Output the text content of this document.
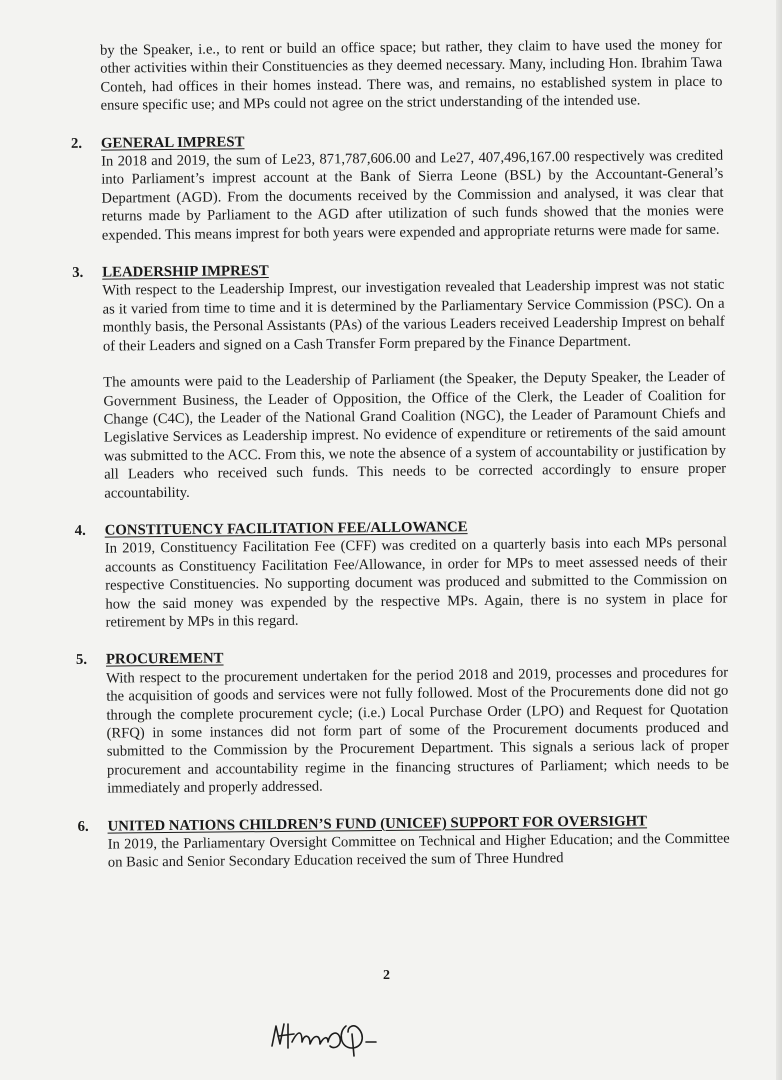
by the Speaker, i.e., to rent or build an office space; but rather, they claim to have used the money for other activities within their Constituencies as they deemed necessary. Many, including Hon. Ibrahim Tawa Conteh, had offices in their homes instead. There was, and remains, no established system in place to ensure specific use; and MPs could not agree on the strict understanding of the intended use.

2.	GENERAL IMPREST

In 2018 and 2019, the sum of Le23, 871,787,606.00 and Le27, 407,496,167.00 respectively was credited into Parliament’s imprest account at the Bank of Sierra Leone (BSL) by the Accountant-General’s Department (AGD). From the documents received by the Commission and analysed, it was clear that returns made by Parliament to the AGD after utilization of such funds showed that the monies were expended. This means imprest for both years were expended and appropriate returns were made for same.

3.	LEADERSHIP IMPREST

With respect to the Leadership Imprest, our investigation revealed that Leadership imprest was not static as it varied from time to time and it is determined by the Parliamentary Service Commission (PSC). On a monthly basis, the Personal Assistants (PAs) of the various Leaders received Leadership Imprest on behalf of their Leaders and signed on a Cash Transfer Form prepared by the Finance Department.

The amounts were paid to the Leadership of Parliament (the Speaker, the Deputy Speaker, the Leader of Government Business, the Leader of Opposition, the Office of the Clerk, the Leader of Coalition for Change (C4C), the Leader of the National Grand Coalition (NGC), the Leader of Paramount Chiefs and Legislative Services as Leadership imprest. No evidence of expenditure or retirements of the said amount was submitted to the ACC. From this, we note the absence of a system of accountability or justification by all Leaders who received such funds. This needs to be corrected accordingly to ensure proper accountability.

4.	CONSTITUENCY FACILITATION FEE/ALLOWANCE

In 2019, Constituency Facilitation Fee (CFF) was credited on a quarterly basis into each MPs personal accounts as Constituency Facilitation Fee/Allowance, in order for MPs to meet assessed needs of their respective Constituencies. No supporting document was produced and submitted to the Commission on how the said money was expended by the respective MPs. Again, there is no system in place for retirement by MPs in this regard.

5.	PROCUREMENT

With respect to the procurement undertaken for the period 2018 and 2019, processes and procedures for the acquisition of goods and services were not fully followed. Most of the Procurements done did not go through the complete procurement cycle; (i.e.) Local Purchase Order (LPO) and Request for Quotation (RFQ) in some instances did not form part of some of the Procurement documents produced and submitted to the Commission by the Procurement Department. This signals a serious lack of proper procurement and accountability regime in the financing structures of Parliament; which needs to be immediately and properly addressed.

6.	UNITED NATIONS CHILDREN’S FUND (UNICEF) SUPPORT FOR OVERSIGHT

In 2019, the Parliamentary Oversight Committee on Technical and Higher Education; and the Committee on Basic and Senior Secondary Education received the sum of Three Hundred

2
